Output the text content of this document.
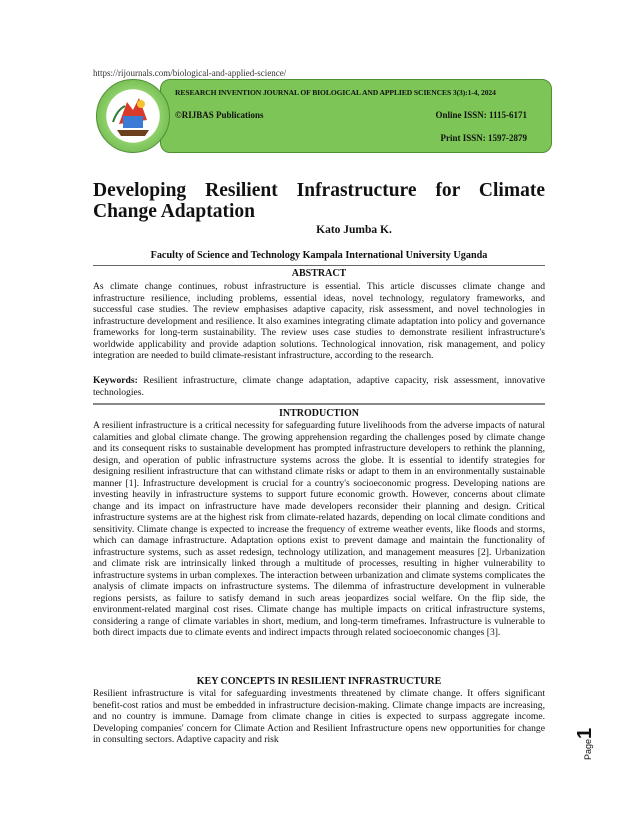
https://rijournals.com/biological-and-applied-science/
RESEARCH INVENTION JOURNAL OF BIOLOGICAL AND APPLIED SCIENCES 3(3):1-4, 2024
©RIJBAS Publications	Online ISSN: 1115-6171
Print ISSN: 1597-2879
Developing Resilient Infrastructure for Climate Change Adaptation
Kato Jumba K.
Faculty of Science and Technology Kampala International University Uganda
ABSTRACT
As climate change continues, robust infrastructure is essential. This article discusses climate change and infrastructure resilience, including problems, essential ideas, novel technology, regulatory frameworks, and successful case studies. The review emphasises adaptive capacity, risk assessment, and novel technologies in infrastructure development and resilience. It also examines integrating climate adaptation into policy and governance frameworks for long-term sustainability. The review uses case studies to demonstrate resilient infrastructure's worldwide applicability and provide adaption solutions. Technological innovation, risk management, and policy integration are needed to build climate-resistant infrastructure, according to the research.
Keywords: Resilient infrastructure, climate change adaptation, adaptive capacity, risk assessment, innovative technologies.
INTRODUCTION
A resilient infrastructure is a critical necessity for safeguarding future livelihoods from the adverse impacts of natural calamities and global climate change. The growing apprehension regarding the challenges posed by climate change and its consequent risks to sustainable development has prompted infrastructure developers to rethink the planning, design, and operation of public infrastructure systems across the globe. It is essential to identify strategies for designing resilient infrastructure that can withstand climate risks or adapt to them in an environmentally sustainable manner [1]. Infrastructure development is crucial for a country's socioeconomic progress. Developing nations are investing heavily in infrastructure systems to support future economic growth. However, concerns about climate change and its impact on infrastructure have made developers reconsider their planning and design. Critical infrastructure systems are at the highest risk from climate-related hazards, depending on local climate conditions and sensitivity. Climate change is expected to increase the frequency of extreme weather events, like floods and storms, which can damage infrastructure. Adaptation options exist to prevent damage and maintain the functionality of infrastructure systems, such as asset redesign, technology utilization, and management measures [2]. Urbanization and climate risk are intrinsically linked through a multitude of processes, resulting in higher vulnerability to infrastructure systems in urban complexes. The interaction between urbanization and climate systems complicates the analysis of climate impacts on infrastructure systems. The dilemma of infrastructure development in vulnerable regions persists, as failure to satisfy demand in such areas jeopardizes social welfare. On the flip side, the environment-related marginal cost rises. Climate change has multiple impacts on critical infrastructure systems, considering a range of climate variables in short, medium, and long-term timeframes. Infrastructure is vulnerable to both direct impacts due to climate events and indirect impacts through related socioeconomic changes [3].
KEY CONCEPTS IN RESILIENT INFRASTRUCTURE
Resilient infrastructure is vital for safeguarding investments threatened by climate change. It offers significant benefit-cost ratios and must be embedded in infrastructure decision-making. Climate change impacts are increasing, and no country is immune. Damage from climate change in cities is expected to surpass aggregate income. Developing companies' concern for Climate Action and Resilient Infrastructure opens new opportunities for change in consulting sectors. Adaptive capacity and risk	Page1
